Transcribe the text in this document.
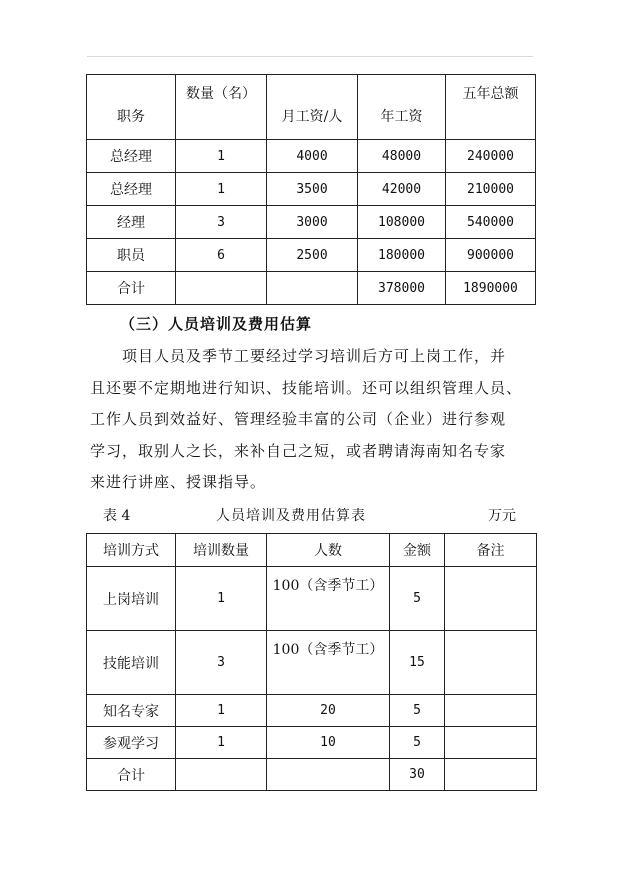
职务	数量（名）	月工资/人	年工资	五年总额
总经理	1	4000	48000	240000
总经理	1	3500	42000	210000
经理	3	3000	108000	540000
职员	6	2500	180000	900000
合计			378000	1890000
（三）人员培训及费用估算

项目人员及季节工要经过学习培训后方可上岗工作，并
且还要不定期地进行知识、技能培训。还可以组织管理人员、
工作人员到效益好、管理经验丰富的公司（企业）进行参观
学习，取别人之长，来补自己之短，或者聘请海南知名专家
来进行讲座、授课指导。

表 4	人员培训及费用估算表	万元
培训方式	培训数量	人数	金额	备注
上岗培训	1	100（含季节工）	5	
技能培训	3	100（含季节工）	15	
知名专家	1	20	5	
参观学习	1	10	5	
合计			30	
